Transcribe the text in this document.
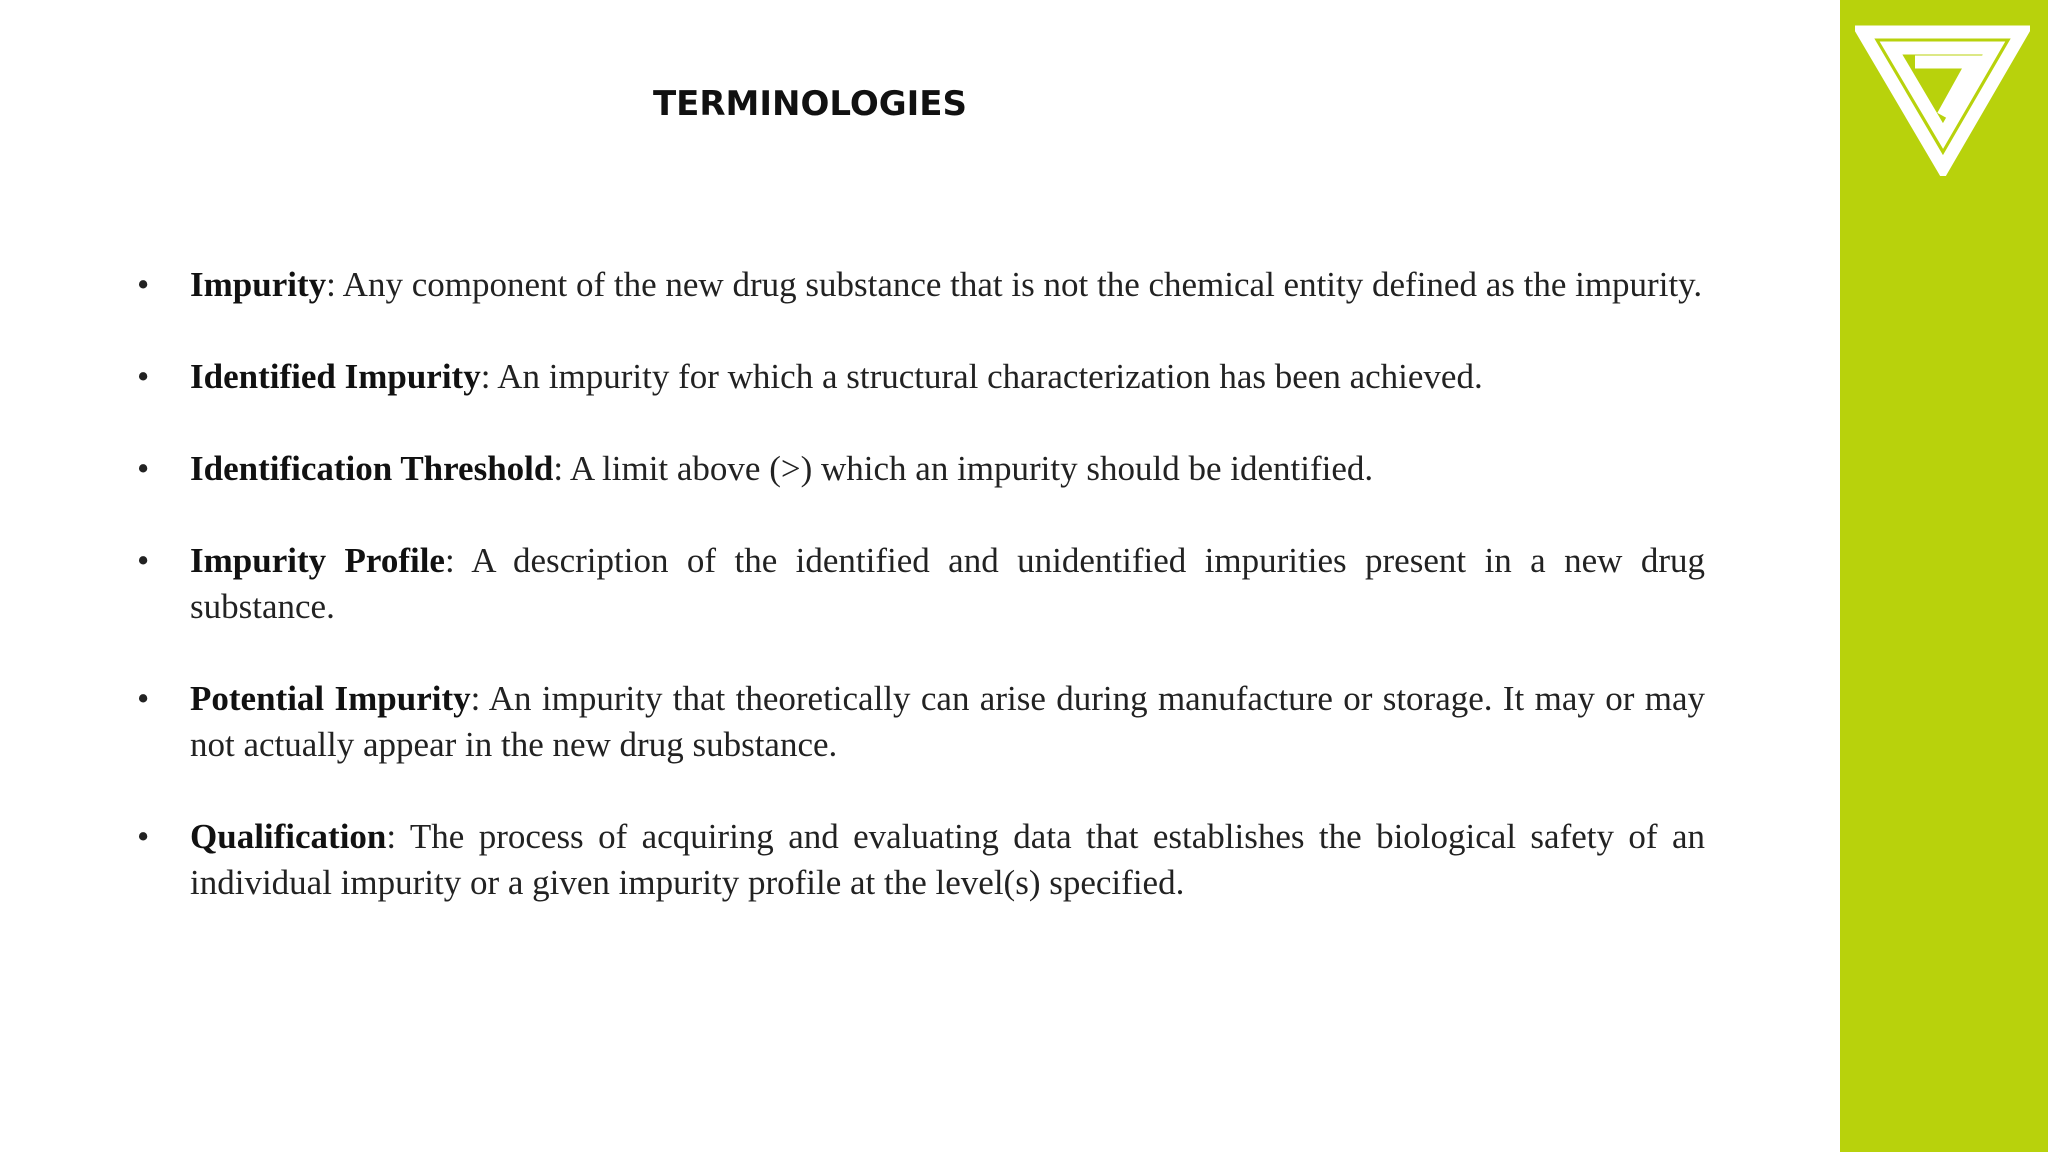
TERMINOLOGIES
• Impurity: Any component of the new drug substance that is not the chemical entity defined as the impurity.
• Identified Impurity: An impurity for which a structural characterization has been achieved.
• Identification Threshold: A limit above (>) which an impurity should be identified.
• Impurity Profile: A description of the identified and unidentified impurities present in a new drug substance.
• Potential Impurity: An impurity that theoretically can arise during manufacture or storage. It may or may not actually appear in the new drug substance.
• Qualification: The process of acquiring and evaluating data that establishes the biological safety of an individual impurity or a given impurity profile at the level(s) specified.
